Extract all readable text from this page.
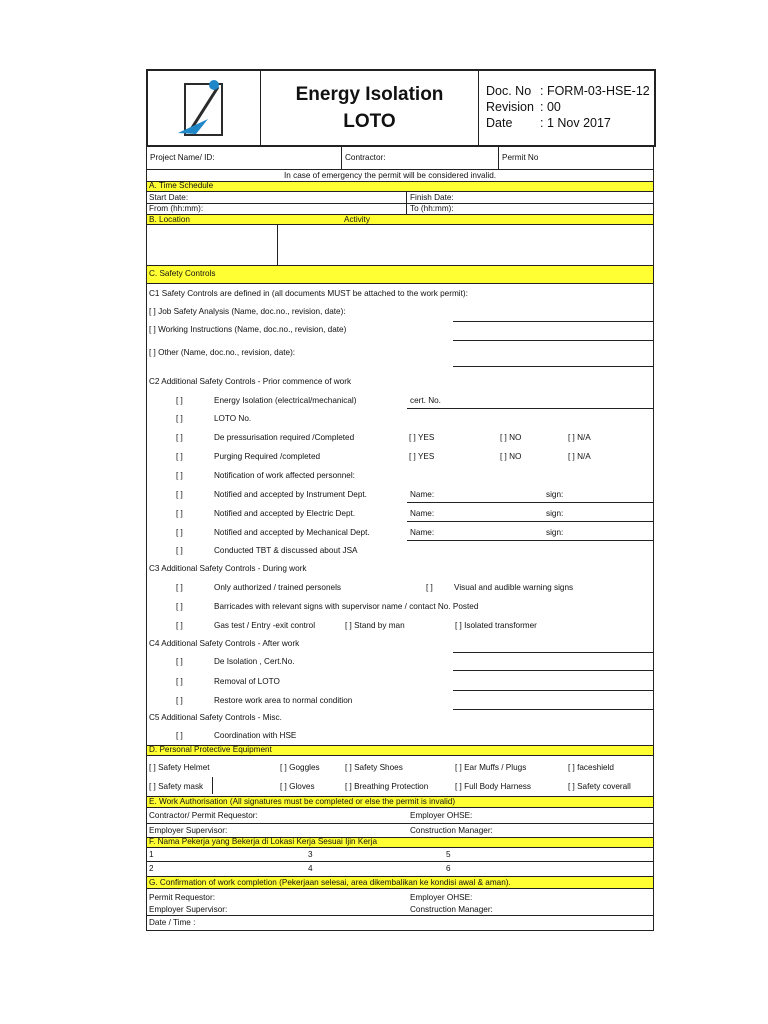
Energy Isolation
LOTO
Doc. No : FORM-03-HSE-12
Revision : 00
Date : 1 Nov 2017
Project Name/ ID:	Contractor:	Permit No
In case of emergency the permit will be considered invalid.
A. Time Schedule
Start Date:	Finish Date:
From (hh:mm):	To (hh:mm):
B. Location	Activity
C. Safety Controls
C1 Safety Controls are defined in (all documents MUST be attached to the work permit):
[ ] Job Safety Analysis (Name, doc.no., revision, date):
[ ] Working Instructions (Name, doc.no., revision, date)
[ ] Other (Name, doc.no., revision, date):
C2 Additional Safety Controls - Prior commence of work
[ ]	Energy Isolation (electrical/mechanical)	cert. No.
[ ]	LOTO No.
[ ]	De pressurisation required /Completed	[ ] YES	[ ] NO	[ ] N/A
[ ]	Purging Required /completed	[ ] YES	[ ] NO	[ ] N/A
[ ]	Notification of work affected personnel:
[ ]	Notified and accepted by Instrument Dept.	Name:	sign:
[ ]	Notified and accepted by Electric Dept.	Name:	sign:
[ ]	Notified and accepted by Mechanical Dept.	Name:	sign:
[ ]	Conducted TBT & discussed about JSA
C3 Additional Safety Controls - During work
[ ]	Only authorized / trained personels	[ ]	Visual and audible warning signs
[ ]	Barricades with relevant signs with supervisor name / contact No. Posted
[ ]	Gas test / Entry -exit control	[ ] Stand by man	[ ] Isolated transformer
C4 Additional Safety Controls - After work
[ ]	De Isolation , Cert.No.
[ ]	Removal of LOTO
[ ]	Restore work area to normal condition
C5 Additional Safety Controls - Misc.
[ ]	Coordination with HSE
D. Personal Protective Equipment
[ ] Safety Helmet	[ ] Goggles	[ ] Safety Shoes	[ ] Ear Muffs / Plugs	[ ] faceshield
[ ] Safety mask	[ ] Gloves	[ ] Breathing Protection	[ ] Full Body Harness	[ ] Safety coverall
E. Work Authorisation (All signatures must be completed or else the permit is invalid)
Contractor/ Permit Requestor:	Employer OHSE:
Employer Supervisor:	Construction Manager:
F. Nama Pekerja yang Bekerja di Lokasi Kerja Sesuai Ijin Kerja
1	3	5
2	4	6
G. Confirmation of work completion (Pekerjaan selesai, area dikembalikan ke kondisi awal & aman).
Permit Requestor:	Employer OHSE:
Employer Supervisor:	Construction Manager:
Date / Time :
